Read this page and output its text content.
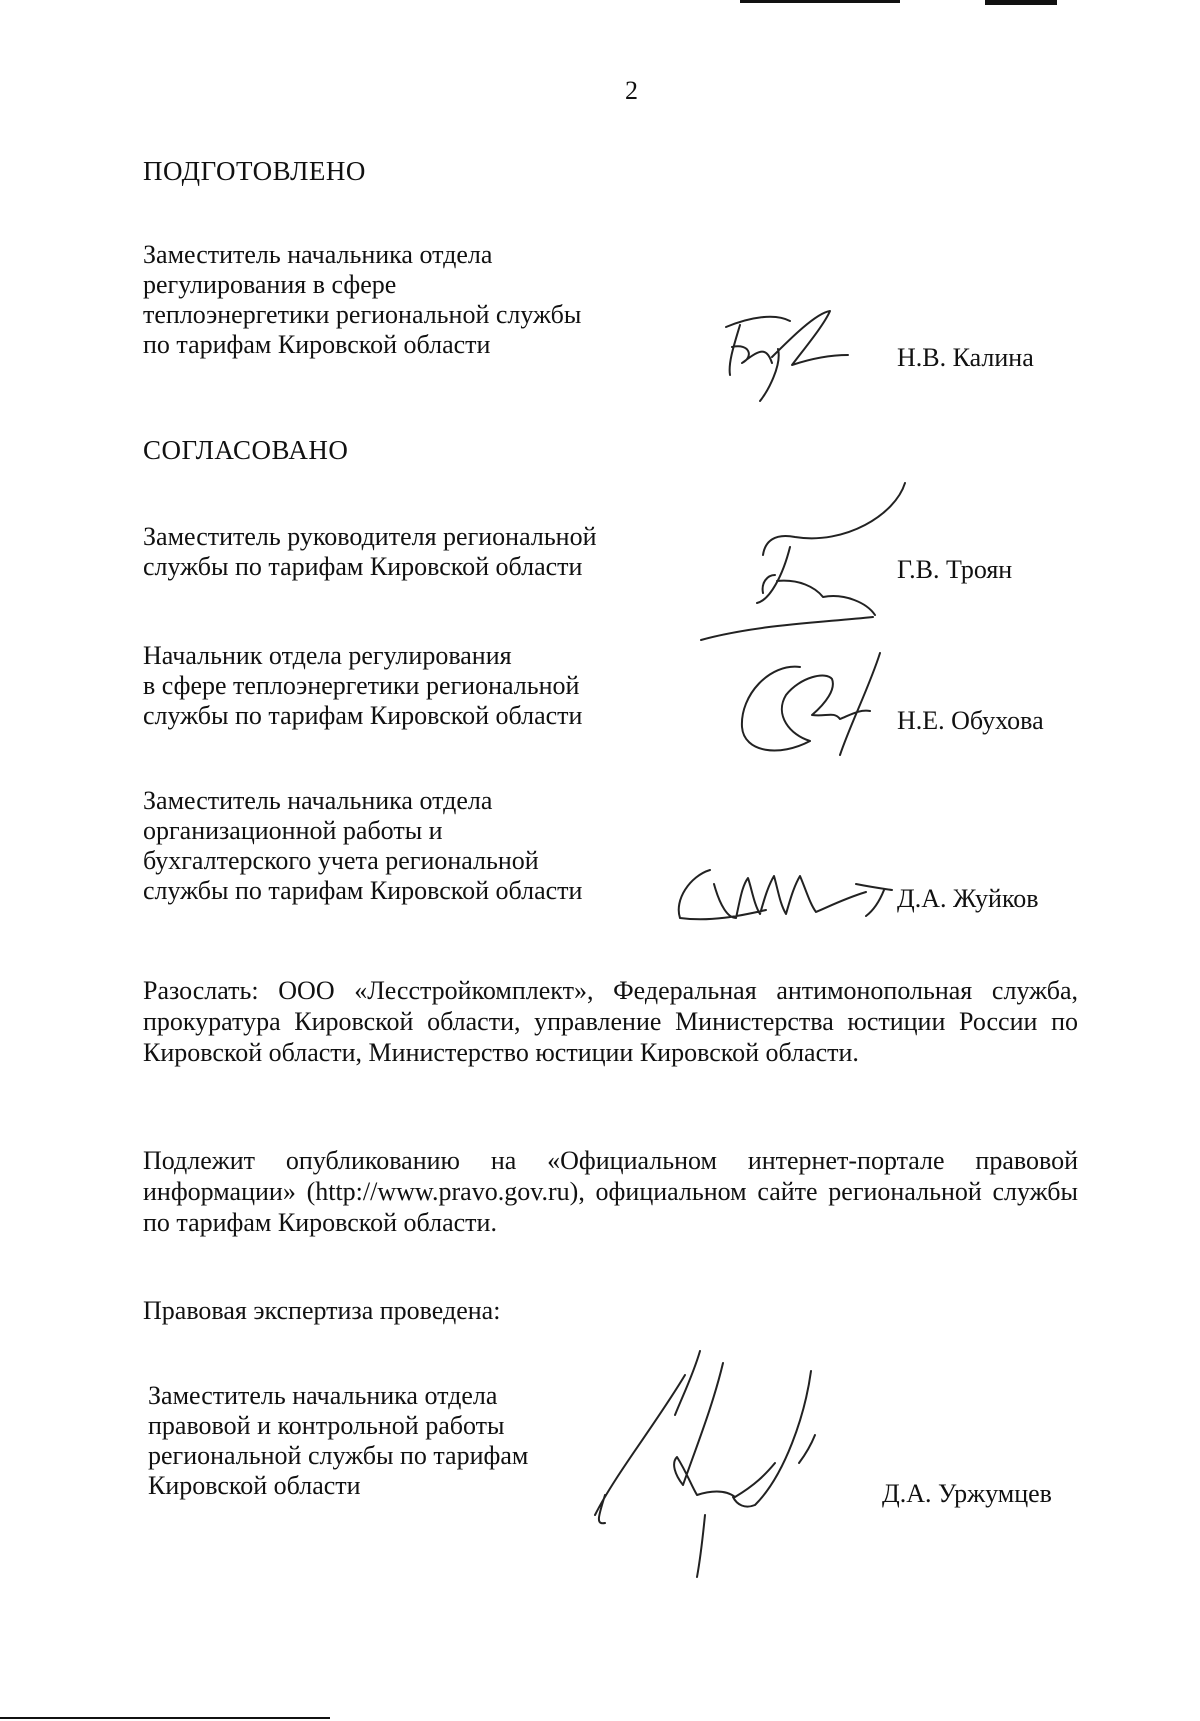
2
ПОДГОТОВЛЕНО
Заместитель начальника отдела
регулирования в сфере
теплоэнергетики региональной службы
по тарифам Кировской области	Н.В. Калина
СОГЛАСОВАНО
Заместитель руководителя региональной
службы по тарифам Кировской области	Г.В. Троян
Начальник отдела регулирования
в сфере теплоэнергетики региональной
службы по тарифам Кировской области	Н.Е. Обухова
Заместитель начальника отдела
организационной работы и
бухгалтерского учета региональной
службы по тарифам Кировской области	Д.А. Жуйков
Разослать: ООО «Лесстройкомплект», Федеральная антимонопольная служба, прокуратура Кировской области, управление Министерства юстиции России по Кировской области, Министерство юстиции Кировской области.
Подлежит опубликованию на «Официальном интернет-портале правовой информации» (http://www.pravo.gov.ru), официальном сайте региональной службы по тарифам Кировской области.
Правовая экспертиза проведена:
Заместитель начальника отдела
правовой и контрольной работы
региональной службы по тарифам
Кировской области	Д.А. Уржумцев
